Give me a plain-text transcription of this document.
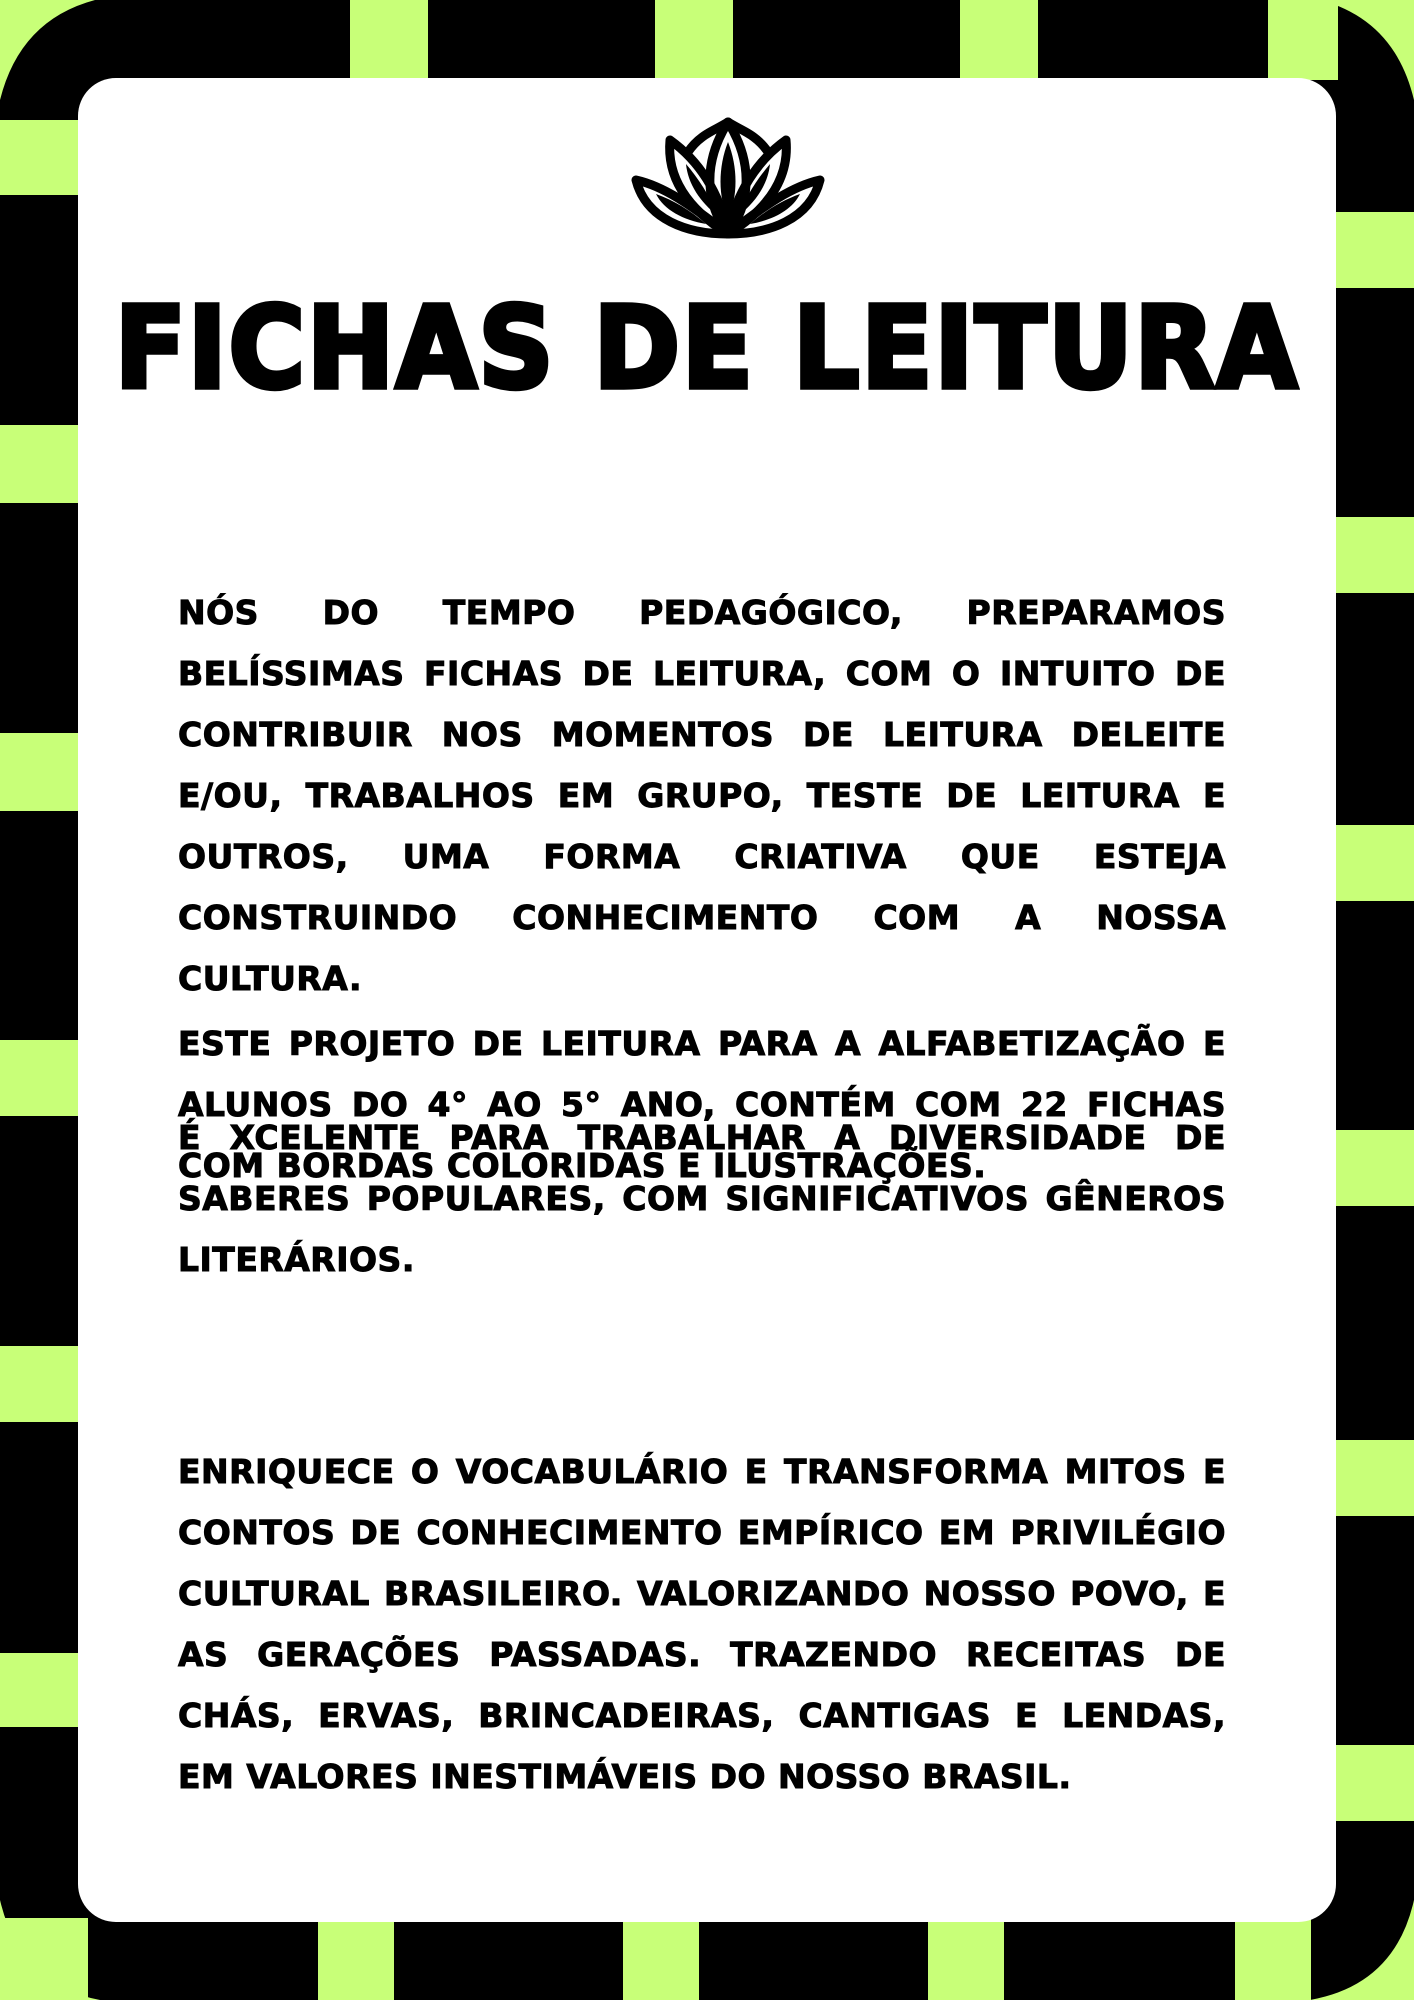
FICHAS DE LEITURA

NÓS DO TEMPO PEDAGÓGICO, PREPARAMOS BELÍSSIMAS FICHAS DE LEITURA, COM O INTUITO DE CONTRIBUIR NOS MOMENTOS DE LEITURA DELEITE E/OU, TRABALHOS EM GRUPO, TESTE DE LEITURA E OUTROS, UMA FORMA CRIATIVA QUE ESTEJA CONSTRUINDO CONHECIMENTO COM A NOSSA CULTURA.

ESTE PROJETO DE LEITURA PARA A ALFABETIZAÇÃO E ALUNOS DO 4° AO 5° ANO, CONTÉM COM 22 FICHAS COM BORDAS COLORIDAS E ILUSTRAÇÕES.

É XCELENTE PARA TRABALHAR A DIVERSIDADE DE SABERES POPULARES, COM SIGNIFICATIVOS GÊNEROS LITERÁRIOS.

ENRIQUECE O VOCABULÁRIO E TRANSFORMA MITOS E CONTOS DE CONHECIMENTO EMPÍRICO EM PRIVILÉGIO CULTURAL BRASILEIRO. VALORIZANDO NOSSO POVO, E AS GERAÇÕES PASSADAS. TRAZENDO RECEITAS DE CHÁS, ERVAS, BRINCADEIRAS, CANTIGAS E LENDAS, EM VALORES INESTIMÁVEIS DO NOSSO BRASIL.
